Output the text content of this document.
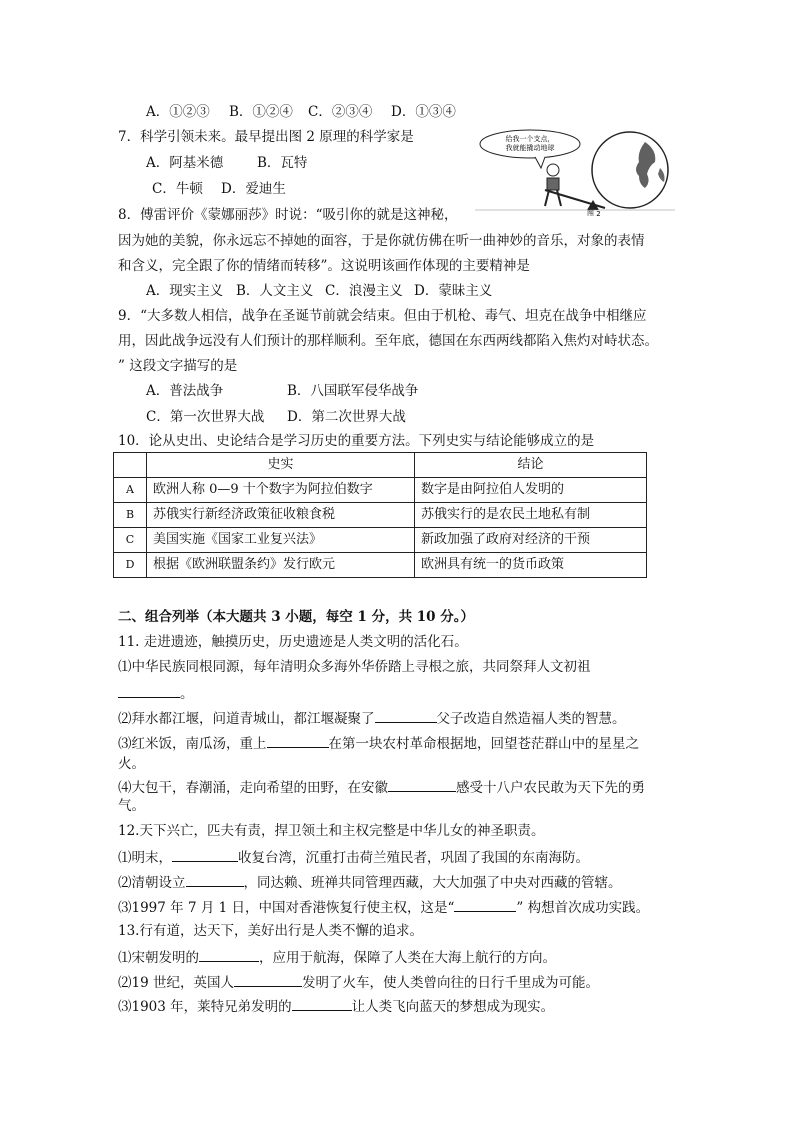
A．①②③ B．①②④ C．②③④ D．①③④
7．科学引领未来。最早提出图 2 原理的科学家是
A．阿基米德	B．瓦特
C．牛顿 D．爱迪生
给我一个支点，
我就能撬动地球
图 2
8．傅雷评价《蒙娜丽莎》时说：“吸引你的就是这神秘，
因为她的美貌，你永远忘不掉她的面容，于是你就仿佛在听一曲神妙的音乐，对象的表情
和含义，完全跟了你的情绪而转移”。这说明该画作体现的主要精神是
A．现实主义 B．人文主义 C．浪漫主义 D．蒙昧主义
9．“大多数人相信，战争在圣诞节前就会结束。但由于机枪、毒气、坦克在战争中相继应
用，因此战争远没有人们预计的那样顺利。至年底，德国在东西两线都陷入焦灼对峙状态。
” 这段文字描写的是
A．普法战争	B．八国联军侵华战争
C．第一次世界大战 D．第二次世界大战
10．论从史出、史论结合是学习历史的重要方法。下列史实与结论能够成立的是
	史实	结论
A	欧洲人称 0—9 十个数字为阿拉伯数字	数字是由阿拉伯人发明的
B	苏俄实行新经济政策征收粮食税	苏俄实行的是农民土地私有制
C	美国实施《国家工业复兴法》	新政加强了政府对经济的干预
D	根据《欧洲联盟条约》发行欧元	欧洲具有统一的货币政策
二、组合列举（本大题共 3 小题，每空 1 分，共 10 分。）
11. 走进遗迹，触摸历史，历史遗迹是人类文明的活化石。
⑴中华民族同根同源，每年清明众多海外华侨踏上寻根之旅，共同祭拜人文初祖
。
⑵拜水都江堰，问道青城山，都江堰凝聚了	父子改造自然造福人类的智慧。
⑶红米饭，南瓜汤，重上	在第一块农村革命根据地，回望苍茫群山中的星星之
火。
⑷大包干，春潮涌，走向希望的田野，在安徽	感受十八户农民敢为天下先的勇
气。
12.天下兴亡，匹夫有责，捍卫领土和主权完整是中华儿女的神圣职责。
⑴明末，	收复台湾，沉重打击荷兰殖民者，巩固了我国的东南海防。
⑵清朝设立	，同达赖、班禅共同管理西藏，大大加强了中央对西藏的管辖。
⑶1997 年 7 月 1 日，中国对香港恢复行使主权，这是“	” 构想首次成功实践。
13.行有道，达天下，美好出行是人类不懈的追求。
⑴宋朝发明的	，应用于航海，保障了人类在大海上航行的方向。
⑵19 世纪，英国人	发明了火车，使人类曾向往的日行千里成为可能。
⑶1903 年，莱特兄弟发明的	让人类飞向蓝天的梦想成为现实。
